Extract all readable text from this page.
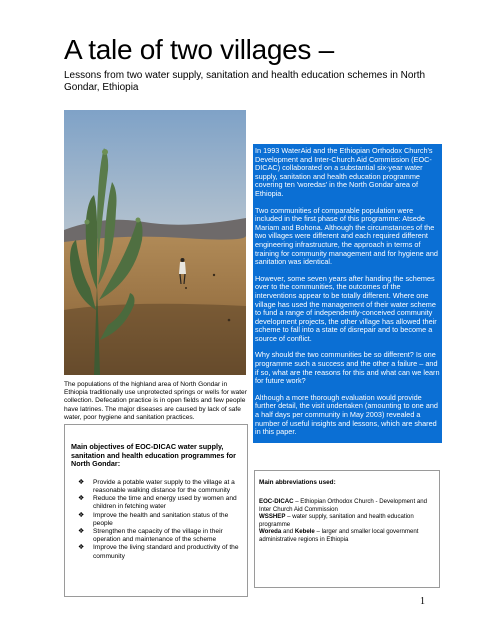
A tale of two villages –

Lessons from two water supply, sanitation and health education schemes in North Gondar, Ethiopia

The populations of the highland area of North Gondar in Ethiopia traditionally use unprotected springs or wells for water collection. Defecation practice is in open fields and few people have latrines. The major diseases are caused by lack of safe water, poor hygiene and sanitation practices.

Main objectives of EOC-DICAC water supply, sanitation and health education programmes for North Gondar:

❖ Provide a potable water supply to the village at a reasonable walking distance for the community
❖ Reduce the time and energy used by women and children in fetching water
❖ Improve the health and sanitation status of the people
❖ Strengthen the capacity of the village in their operation and maintenance of the scheme
❖ Improve the living standard and productivity of the community

In 1993 WaterAid and the Ethiopian Orthodox Church's Development and Inter-Church Aid Commission (EOC-DICAC) collaborated on a substantial six-year water supply, sanitation and health education programme covering ten 'woredas' in the North Gondar area of Ethiopia.

Two communities of comparable population were included in the first phase of this programme: Atsede Mariam and Bohona. Although the circumstances of the two villages were different and each required different engineering infrastructure, the approach in terms of training for community management and for hygiene and sanitation was identical.

However, some seven years after handing the schemes over to the communities, the outcomes of the interventions appear to be totally different. Where one village has used the management of their water scheme to fund a range of independently-conceived community development projects, the other village has allowed their scheme to fall into a state of disrepair and to become a source of conflict.

Why should the two communities be so different? Is one programme such a success and the other a failure – and if so, what are the reasons for this and what can we learn for future work?

Although a more thorough evaluation would provide further detail, the visit undertaken (amounting to one and a half days per community in May 2003) revealed a number of useful insights and lessons, which are shared in this paper.

Main abbreviations used:

EOC-DICAC – Ethiopian Orthodox Church - Development and Inter Church Aid Commission

WSSHEP – water supply, sanitation and health education programme

Woreda and Kebele – larger and smaller local government administrative regions in Ethiopia

1
